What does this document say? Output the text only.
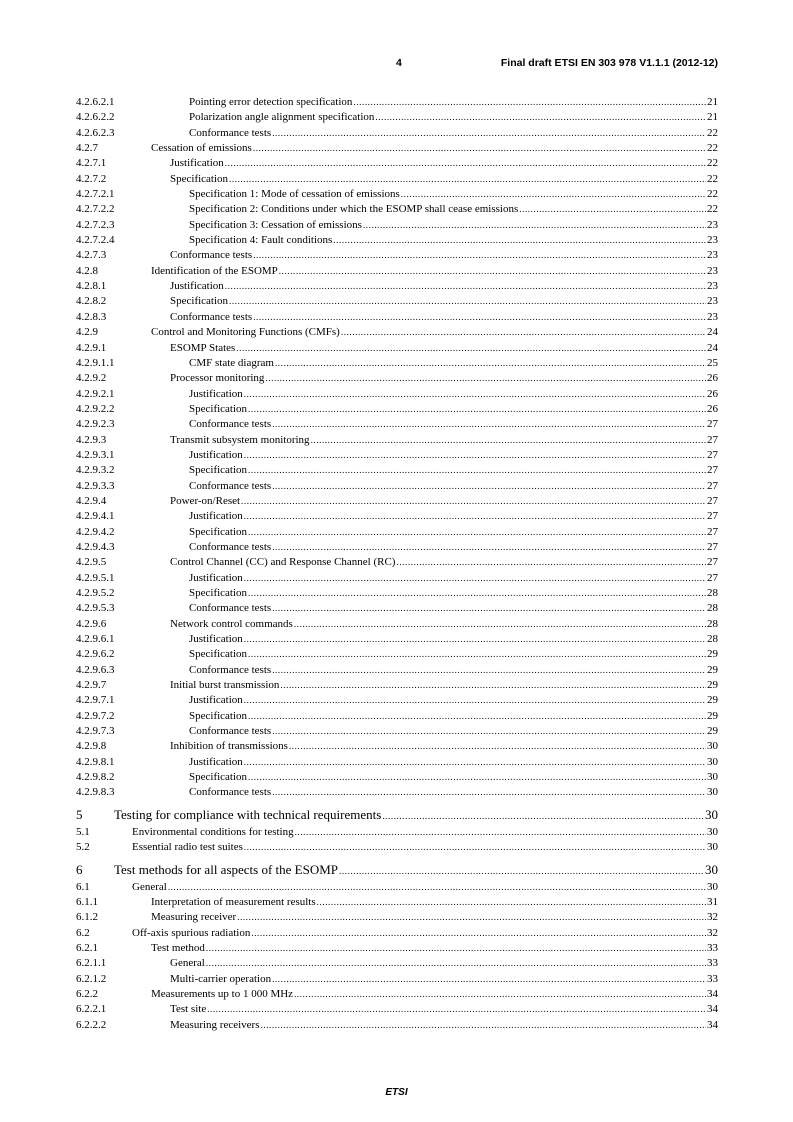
4	Final draft ETSI EN 303 978 V1.1.1 (2012-12)
4.2.6.2.1	Pointing error detection specification .....	21
4.2.6.2.2	Polarization angle alignment specification .....	21
4.2.6.2.3	Conformance tests .....	22
4.2.7	Cessation of emissions .....	22
4.2.7.1	Justification .....	22
4.2.7.2	Specification .....	22
4.2.7.2.1	Specification 1: Mode of cessation of emissions .....	22
4.2.7.2.2	Specification 2: Conditions under which the ESOMP shall cease emissions .....	22
4.2.7.2.3	Specification 3: Cessation of emissions .....	23
4.2.7.2.4	Specification 4: Fault conditions .....	23
4.2.7.3	Conformance tests .....	23
4.2.8	Identification of the ESOMP .....	23
4.2.8.1	Justification .....	23
4.2.8.2	Specification .....	23
4.2.8.3	Conformance tests .....	23
4.2.9	Control and Monitoring Functions (CMFs) .....	24
4.2.9.1	ESOMP States .....	24
4.2.9.1.1	CMF state diagram .....	25
4.2.9.2	Processor monitoring .....	26
4.2.9.2.1	Justification .....	26
4.2.9.2.2	Specification .....	26
4.2.9.2.3	Conformance tests .....	27
4.2.9.3	Transmit subsystem monitoring .....	27
4.2.9.3.1	Justification .....	27
4.2.9.3.2	Specification .....	27
4.2.9.3.3	Conformance tests .....	27
4.2.9.4	Power-on/Reset .....	27
4.2.9.4.1	Justification .....	27
4.2.9.4.2	Specification .....	27
4.2.9.4.3	Conformance tests .....	27
4.2.9.5	Control Channel (CC) and Response Channel (RC) .....	27
4.2.9.5.1	Justification .....	27
4.2.9.5.2	Specification .....	28
4.2.9.5.3	Conformance tests .....	28
4.2.9.6	Network control commands .....	28
4.2.9.6.1	Justification .....	28
4.2.9.6.2	Specification .....	29
4.2.9.6.3	Conformance tests .....	29
4.2.9.7	Initial burst transmission .....	29
4.2.9.7.1	Justification .....	29
4.2.9.7.2	Specification .....	29
4.2.9.7.3	Conformance tests .....	29
4.2.9.8	Inhibition of transmissions .....	30
4.2.9.8.1	Justification .....	30
4.2.9.8.2	Specification .....	30
4.2.9.8.3	Conformance tests .....	30
5	Testing for compliance with technical requirements .....	30
5.1	Environmental conditions for testing .....	30
5.2	Essential radio test suites .....	30
6	Test methods for all aspects of the ESOMP .....	30
6.1	General .....	30
6.1.1	Interpretation of measurement results .....	31
6.1.2	Measuring receiver .....	32
6.2	Off-axis spurious radiation .....	32
6.2.1	Test method .....	33
6.2.1.1	General .....	33
6.2.1.2	Multi-carrier operation .....	33
6.2.2	Measurements up to 1 000 MHz .....	34
6.2.2.1	Test site .....	34
6.2.2.2	Measuring receivers .....	34
ETSI
